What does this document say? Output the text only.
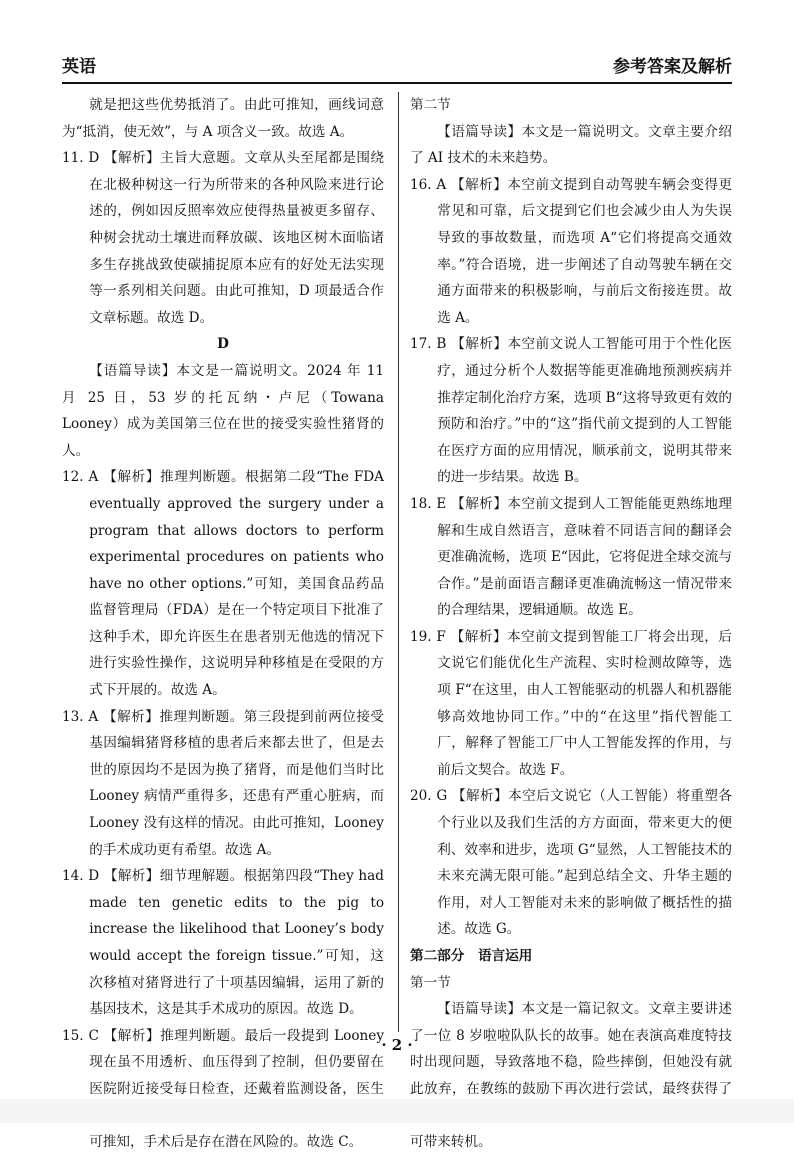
英语	参考答案及解析

就是把这些优势抵消了。由此可推知，画线词意为“抵消，使无效”，与 A 项含义一致。故选 A。

11. D 【解析】主旨大意题。文章从头至尾都是围绕在北极种树这一行为所带来的各种风险来进行论述的，例如因反照率效应使得热量被更多留存、种树会扰动土壤进而释放碳、该地区树木面临诸多生存挑战致使碳捕捉原本应有的好处无法实现等一系列相关问题。由此可推知，D 项最适合作文章标题。故选 D。

D

【语篇导读】本文是一篇说明文。2024 年 11 月 25 日，53 岁的托瓦纳・卢尼（Towana Looney）成为美国第三位在世的接受实验性猪肾的人。

12. A 【解析】推理判断题。根据第二段“The FDA eventually approved the surgery under a program that allows doctors to perform experimental procedures on patients who have no other options.”可知，美国食品药品监督管理局（FDA）是在一个特定项目下批准了这种手术，即允许医生在患者别无他选的情况下进行实验性操作，这说明异种移植是在受限的方式下开展的。故选 A。

13. A 【解析】推理判断题。第三段提到前两位接受基因编辑猪肾移植的患者后来都去世了，但是去世的原因均不是因为换了猪肾，而是他们当时比 Looney 病情严重得多，还患有严重心脏病，而 Looney 没有这样的情况。由此可推知，Looney 的手术成功更有希望。故选 A。

14. D 【解析】细节理解题。根据第四段“They had made ten genetic edits to the pig to increase the likelihood that Looney’s body would accept the foreign tissue.”可知，这次移植对猪肾进行了十项基因编辑，运用了新的基因技术，这是其手术成功的原因。故选 D。

15. C 【解析】推理判断题。最后一段提到 Looney 现在虽不用透析、血压得到了控制，但仍要留在医院附近接受每日检查，还戴着监测设备，医生 可推知，手术后是存在潜在风险的。故选 C。

第二节

【语篇导读】本文是一篇说明文。文章主要介绍了 AI 技术的未来趋势。

16. A 【解析】本空前文提到自动驾驶车辆会变得更常见和可靠，后文提到它们也会减少由人为失误导致的事故数量，而选项 A“它们将提高交通效率。”符合语境，进一步阐述了自动驾驶车辆在交通方面带来的积极影响，与前后文衔接连贯。故选 A。

17. B 【解析】本空前文说人工智能可用于个性化医疗，通过分析个人数据等能更准确地预测疾病并推荐定制化治疗方案，选项 B“这将导致更有效的预防和治疗。”中的“这”指代前文提到的人工智能在医疗方面的应用情况，顺承前文，说明其带来的进一步结果。故选 B。

18. E 【解析】本空前文提到人工智能能更熟练地理解和生成自然语言，意味着不同语言间的翻译会更准确流畅，选项 E“因此，它将促进全球交流与合作。”是前面语言翻译更准确流畅这一情况带来的合理结果，逻辑通顺。故选 E。

19. F 【解析】本空前文提到智能工厂将会出现，后文说它们能优化生产流程、实时检测故障等，选项 F“在这里，由人工智能驱动的机器人和机器能够高效地协同工作。”中的“在这里”指代智能工厂，解释了智能工厂中人工智能发挥的作用，与前后文契合。故选 F。

20. G 【解析】本空后文说它（人工智能）将重塑各个行业以及我们生活的方方面面，带来更大的便利、效率和进步，选项 G“显然，人工智能技术的未来充满无限可能。”起到总结全文、升华主题的作用，对人工智能对未来的影响做了概括性的描述。故选 G。

第二部分　语言运用

第一节

【语篇导读】本文是一篇记叙文。文章主要讲述了一位 8 岁啦啦队队长的故事。她在表演高难度特技时出现问题，导致落地不稳，险些摔倒，但她没有就此放弃，在教练的鼓励下再次进行尝试，最终获得了 可带来转机。

· 2 ·
